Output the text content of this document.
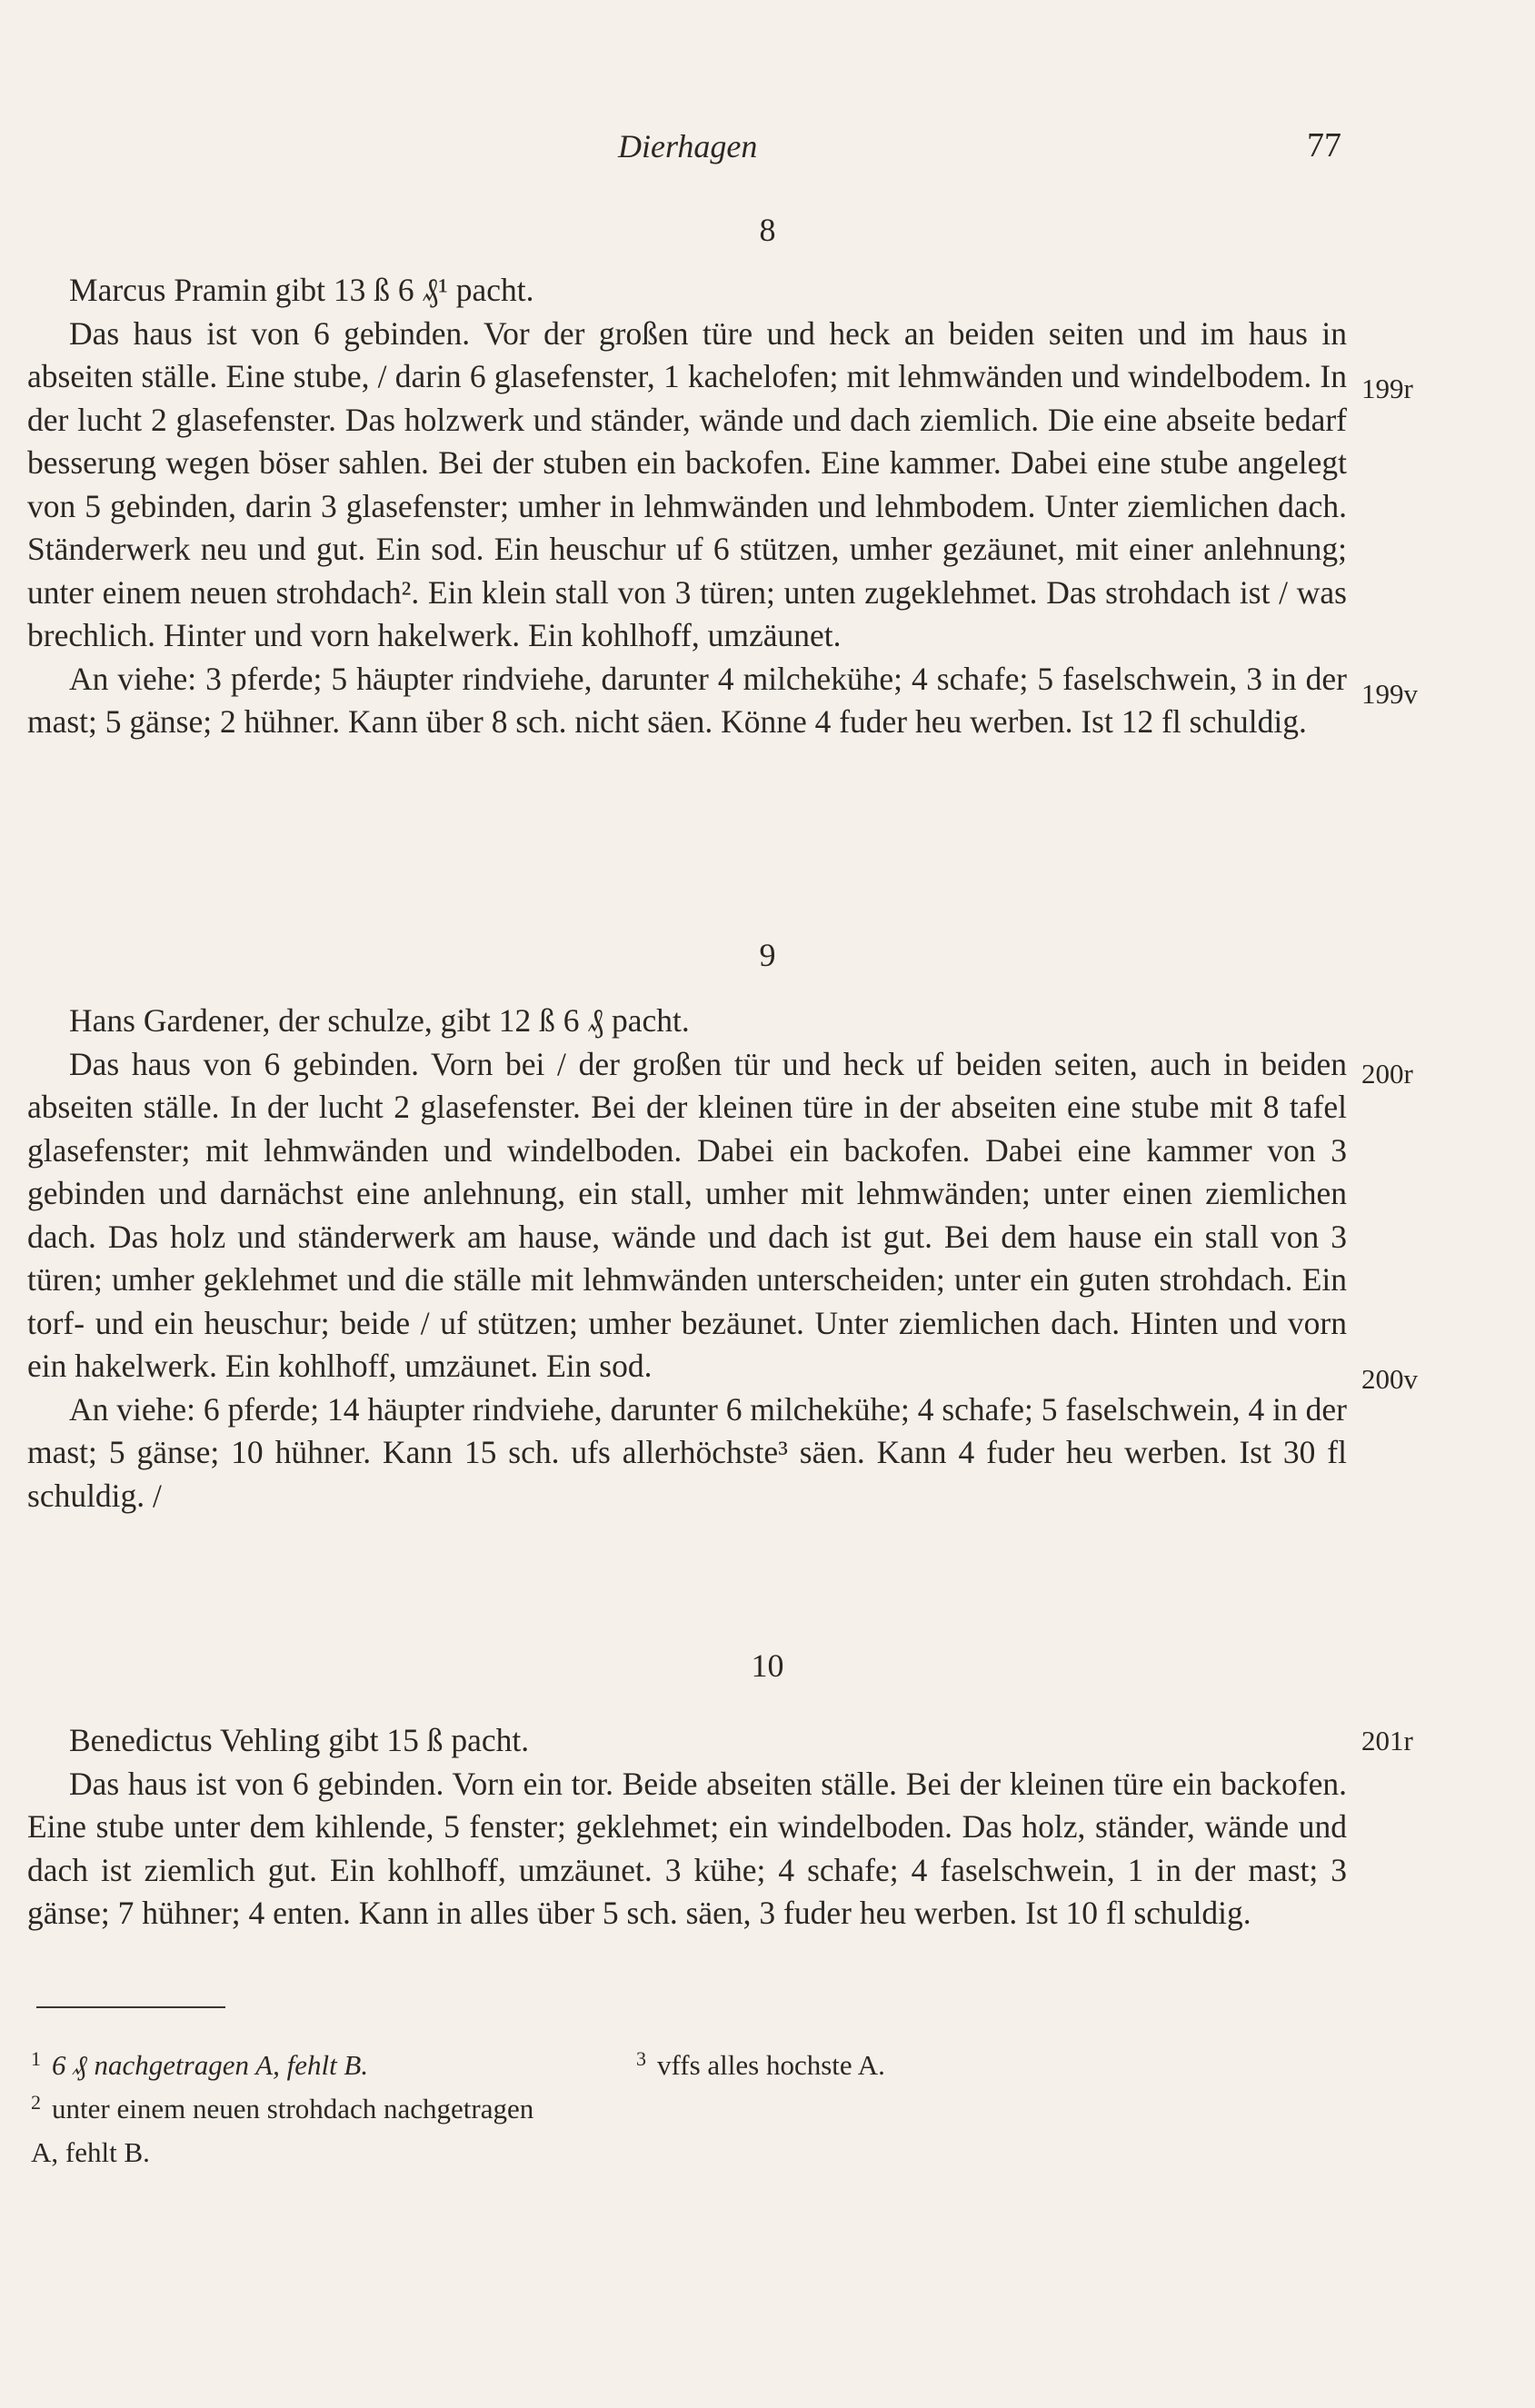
Dierhagen	77
8

Marcus Pramin gibt 13 ß 6 ₰¹ pacht.

Das haus ist von 6 gebinden. Vor der großen türe und heck an beiden seiten und im haus in abseiten ställe. Eine stube, / darin 6 glasefenster, 1 kachelofen; mit lehmwänden und windelbodem. In der lucht 2 glasefenster. Das holzwerk und ständer, wände und dach ziemlich. Die eine abseite bedarf besserung wegen böser sahlen. Bei der stuben ein backofen. Eine kammer. Dabei eine stube angelegt von 5 gebinden, darin 3 glasefenster; umher in lehmwänden und lehmbodem. Unter ziemlichen dach. Ständerwerk neu und gut. Ein sod. Ein heuschur uf 6 stützen, umher gezäunet, mit einer anlehnung; unter einem neuen strohdach². Ein klein stall von 3 türen; unten zugeklehmet. Das strohdach ist / was brechlich. Hinter und vorn hakelwerk. Ein kohlhoff, umzäunet.

An viehe: 3 pferde; 5 häupter rindviehe, darunter 4 milchekühe; 4 schafe; 5 faselschwein, 3 in der mast; 5 gänse; 2 hühner. Kann über 8 sch. nicht säen. Könne 4 fuder heu werben. Ist 12 fl schuldig.

9

Hans Gardener, der schulze, gibt 12 ß 6 ₰ pacht.

Das haus von 6 gebinden. Vorn bei / der großen tür und heck uf beiden seiten, auch in beiden abseiten ställe. In der lucht 2 glasefenster. Bei der kleinen türe in der abseiten eine stube mit 8 tafel glasefenster; mit lehmwänden und windelboden. Dabei ein backofen. Dabei eine kammer von 3 gebinden und darnächst eine anlehnung, ein stall, umher mit lehmwänden; unter einen ziemlichen dach. Das holz und ständerwerk am hause, wände und dach ist gut. Bei dem hause ein stall von 3 türen; umher geklehmet und die ställe mit lehmwänden unterscheiden; unter ein guten strohdach. Ein torf- und ein heuschur; beide / uf stützen; umher bezäunet. Unter ziemlichen dach. Hinten und vorn ein hakelwerk. Ein kohlhoff, umzäunet. Ein sod.

An viehe: 6 pferde; 14 häupter rindviehe, darunter 6 milchekühe; 4 schafe; 5 faselschwein, 4 in der mast; 5 gänse; 10 hühner. Kann 15 sch. ufs allerhöchste³ säen. Kann 4 fuder heu werben. Ist 30 fl schuldig. /

10

Benedictus Vehling gibt 15 ß pacht.

Das haus ist von 6 gebinden. Vorn ein tor. Beide abseiten ställe. Bei der kleinen türe ein backofen. Eine stube unter dem kihlende, 5 fenster; geklehmet; ein windelboden. Das holz, ständer, wände und dach ist ziemlich gut. Ein kohlhoff, umzäunet. 3 kühe; 4 schafe; 4 faselschwein, 1 in der mast; 3 gänse; 7 hühner; 4 enten. Kann in alles über 5 sch. säen, 3 fuder heu werben. Ist 10 fl schuldig.

199r
199v
200r
200v
201r
$^1$ 6 ₰ nachgetragen A, fehlt B.	$^3$ vffs alles hochste A.
$^2$ unter einem neuen strohdach nachgetragen A, fehlt B.
